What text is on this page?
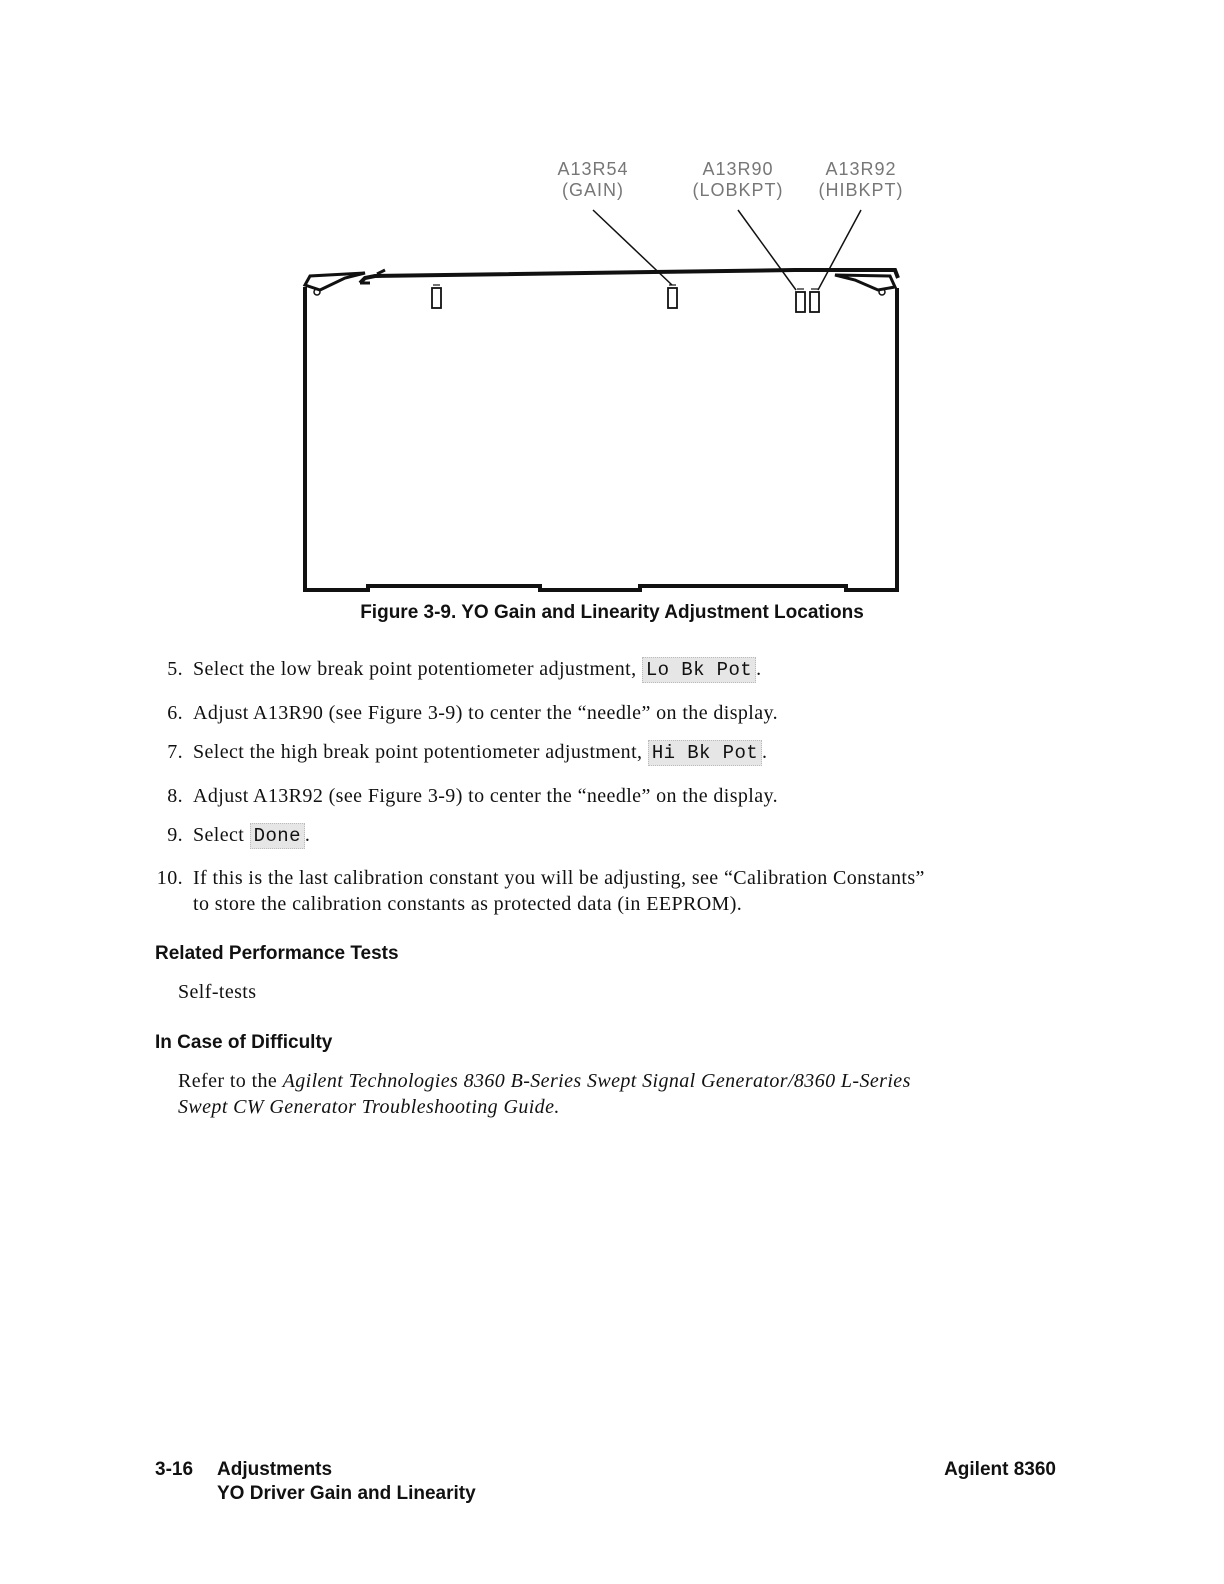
A13R54
(GAIN)
A13R90
(LOBKPT)
A13R92
(HIBKPT)
Figure 3-9. YO Gain and Linearity Adjustment Locations
5. Select the low break point potentiometer adjustment, Lo Bk Pot .
6. Adjust A13R90 (see Figure 3-9) to center the “needle” on the display.
7. Select the high break point potentiometer adjustment, Hi Bk Pot .
8. Adjust A13R92 (see Figure 3-9) to center the “needle” on the display.
9. Select Done .
10. If this is the last calibration constant you will be adjusting, see “Calibration Constants”
to store the calibration constants as protected data (in EEPROM).
Related Performance Tests
Self-tests
In Case of Difficulty
Refer to the Agilent Technologies 8360 B-Series Swept Signal Generator/8360 L-Series
Swept CW Generator Troubleshooting Guide.
3-16 Adjustments
YO Driver Gain and Linearity
Agilent 8360
